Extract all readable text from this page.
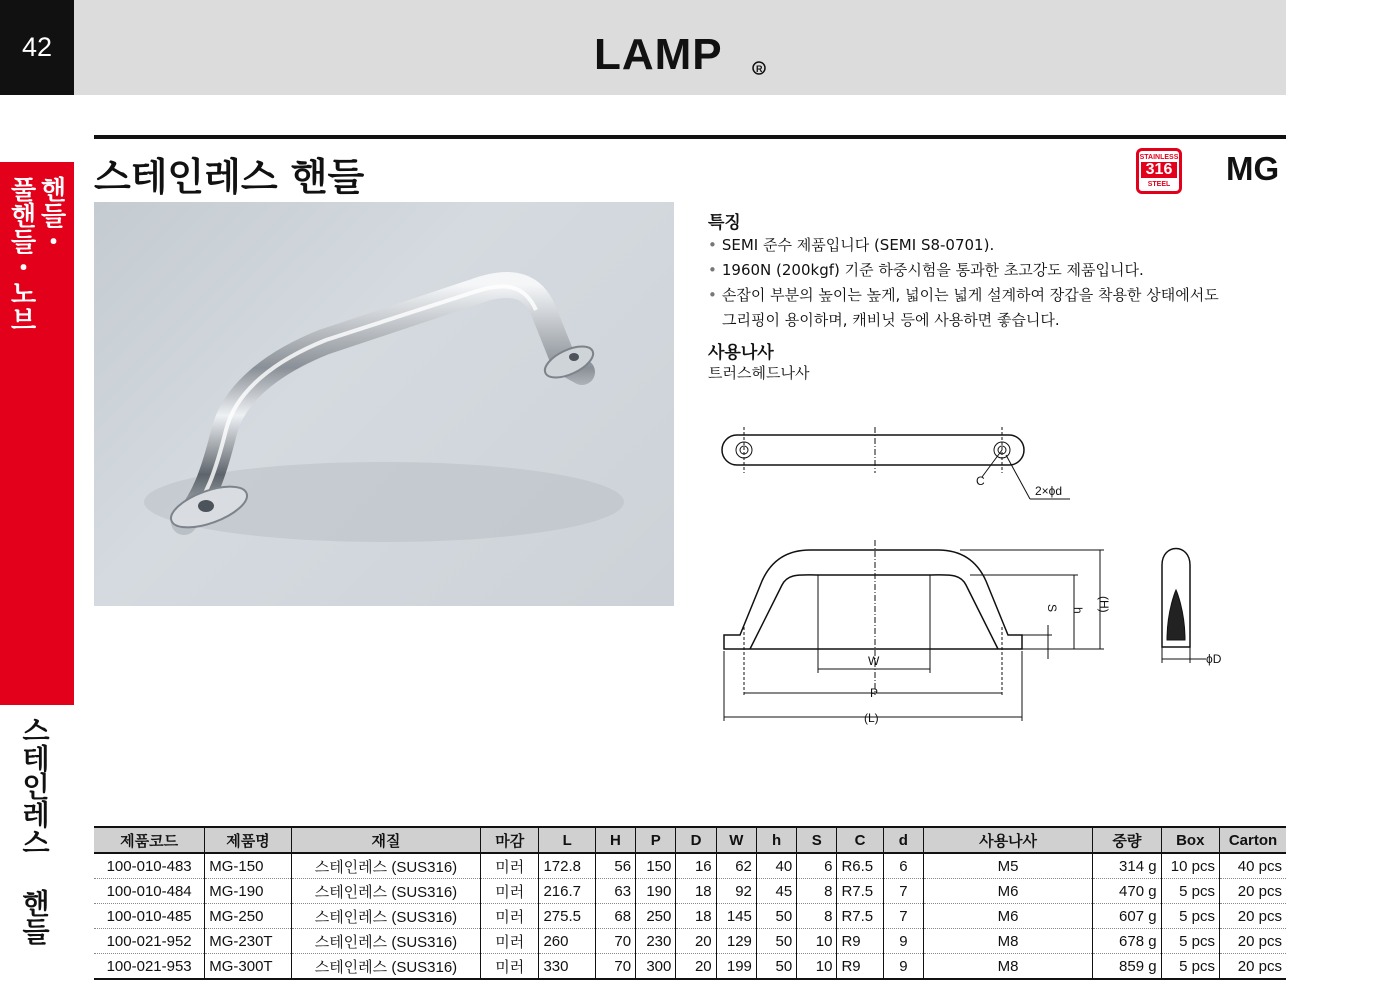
42	LAMP	R
스테인레스 핸들	STAINLESS
316
STEEL MG
핸들・
풀핸들・노브
스테인레스 핸들
특징
• SEMI 준수 제품입니다 (SEMI S8-0701).
• 1960N (200kgf) 기준 하중시험을 통과한 초고강도 제품입니다.
• 손잡이 부분의 높이는 높게, 넓이는 넓게 설계하여 장갑을 착용한 상태에서도
그리핑이 용이하며, 캐비닛 등에 사용하면 좋습니다.
사용나사
트러스헤드나사
C
2×ϕd
W
P
(L)
(H)
h
S
ϕD
제품코드	제품명	재질	마감	L	H	P	D	W	h	S	C	d	사용나사	중량	Box	Carton
100-010-483	MG-150	스테인레스 (SUS316)	미러	172.8	56	150	16	62	40	6	R6.5	6	M5	314 g	10 pcs	40 pcs
100-010-484	MG-190	스테인레스 (SUS316)	미러	216.7	63	190	18	92	45	8	R7.5	7	M6	470 g	5 pcs	20 pcs
100-010-485	MG-250	스테인레스 (SUS316)	미러	275.5	68	250	18	145	50	8	R7.5	7	M6	607 g	5 pcs	20 pcs
100-021-952	MG-230T	스테인레스 (SUS316)	미러	260	70	230	20	129	50	10	R9	9	M8	678 g	5 pcs	20 pcs
100-021-953	MG-300T	스테인레스 (SUS316)	미러	330	70	300	20	199	50	10	R9	9	M8	859 g	5 pcs	20 pcs
